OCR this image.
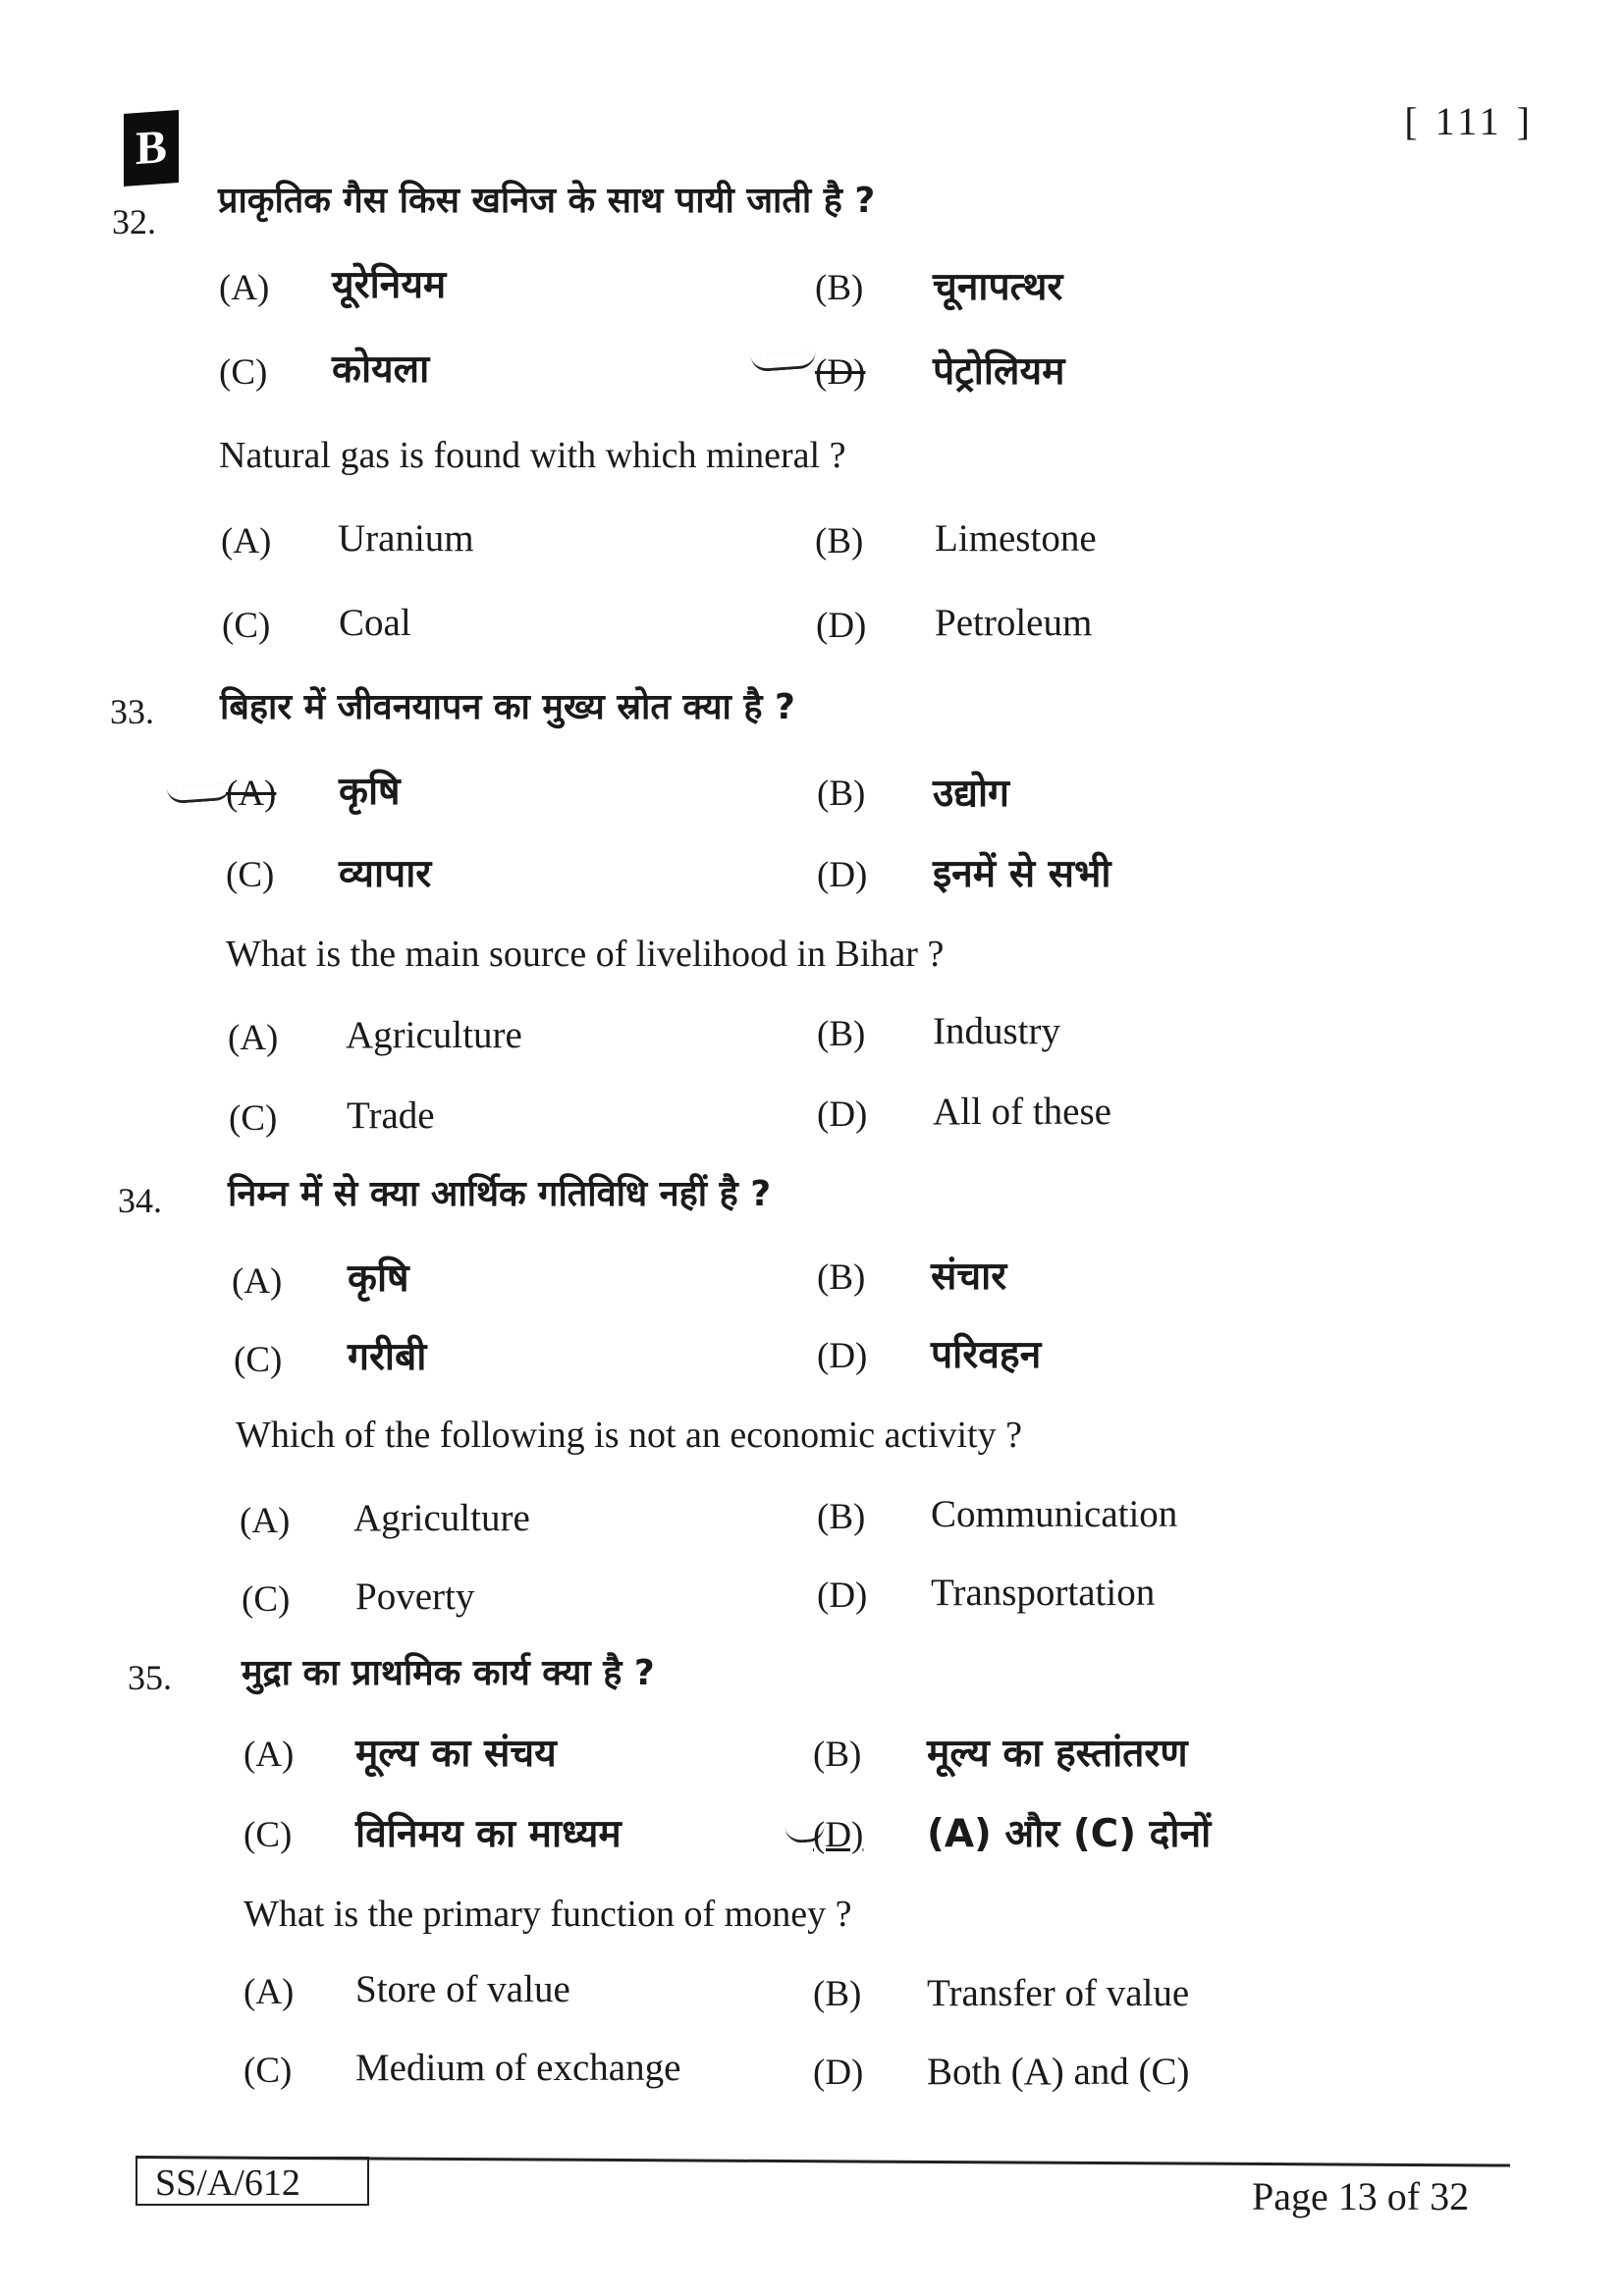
B	[ 111 ]
32.
प्राकृतिक गैस किस खनिज के साथ पायी जाती है ?
(A) यूरेनियम	(B) चूनापत्थर
(C) कोयला	(D) पेट्रोलियम
Natural gas is found with which mineral ?
(A) Uranium	(B) Limestone
(C) Coal	(D) Petroleum
33. बिहार में जीवनयापन का मुख्य स्रोत क्या है ?
(A) कृषि	(B) उद्योग
(C) व्यापार	(D) इनमें से सभी
What is the main source of livelihood in Bihar ?
(A) Agriculture	(B) Industry
(C) Trade	(D) All of these
34. निम्न में से क्या आर्थिक गतिविधि नहीं है ?
(A) कृषि	(B) संचार
(C) गरीबी	(D) परिवहन
Which of the following is not an economic activity ?
(A) Agriculture	(B) Communication
(C) Poverty	(D) Transportation
35. मुद्रा का प्राथमिक कार्य क्या है ?
(A) मूल्य का संचय	(B) मूल्य का हस्तांतरण
(C) विनिमय का माध्यम	(D) (A) और (C) दोनों
What is the primary function of money ?
(A) Store of value	(B) Transfer of value
(C) Medium of exchange	(D) Both (A) and (C)
SS/A/612	Page 13 of 32
